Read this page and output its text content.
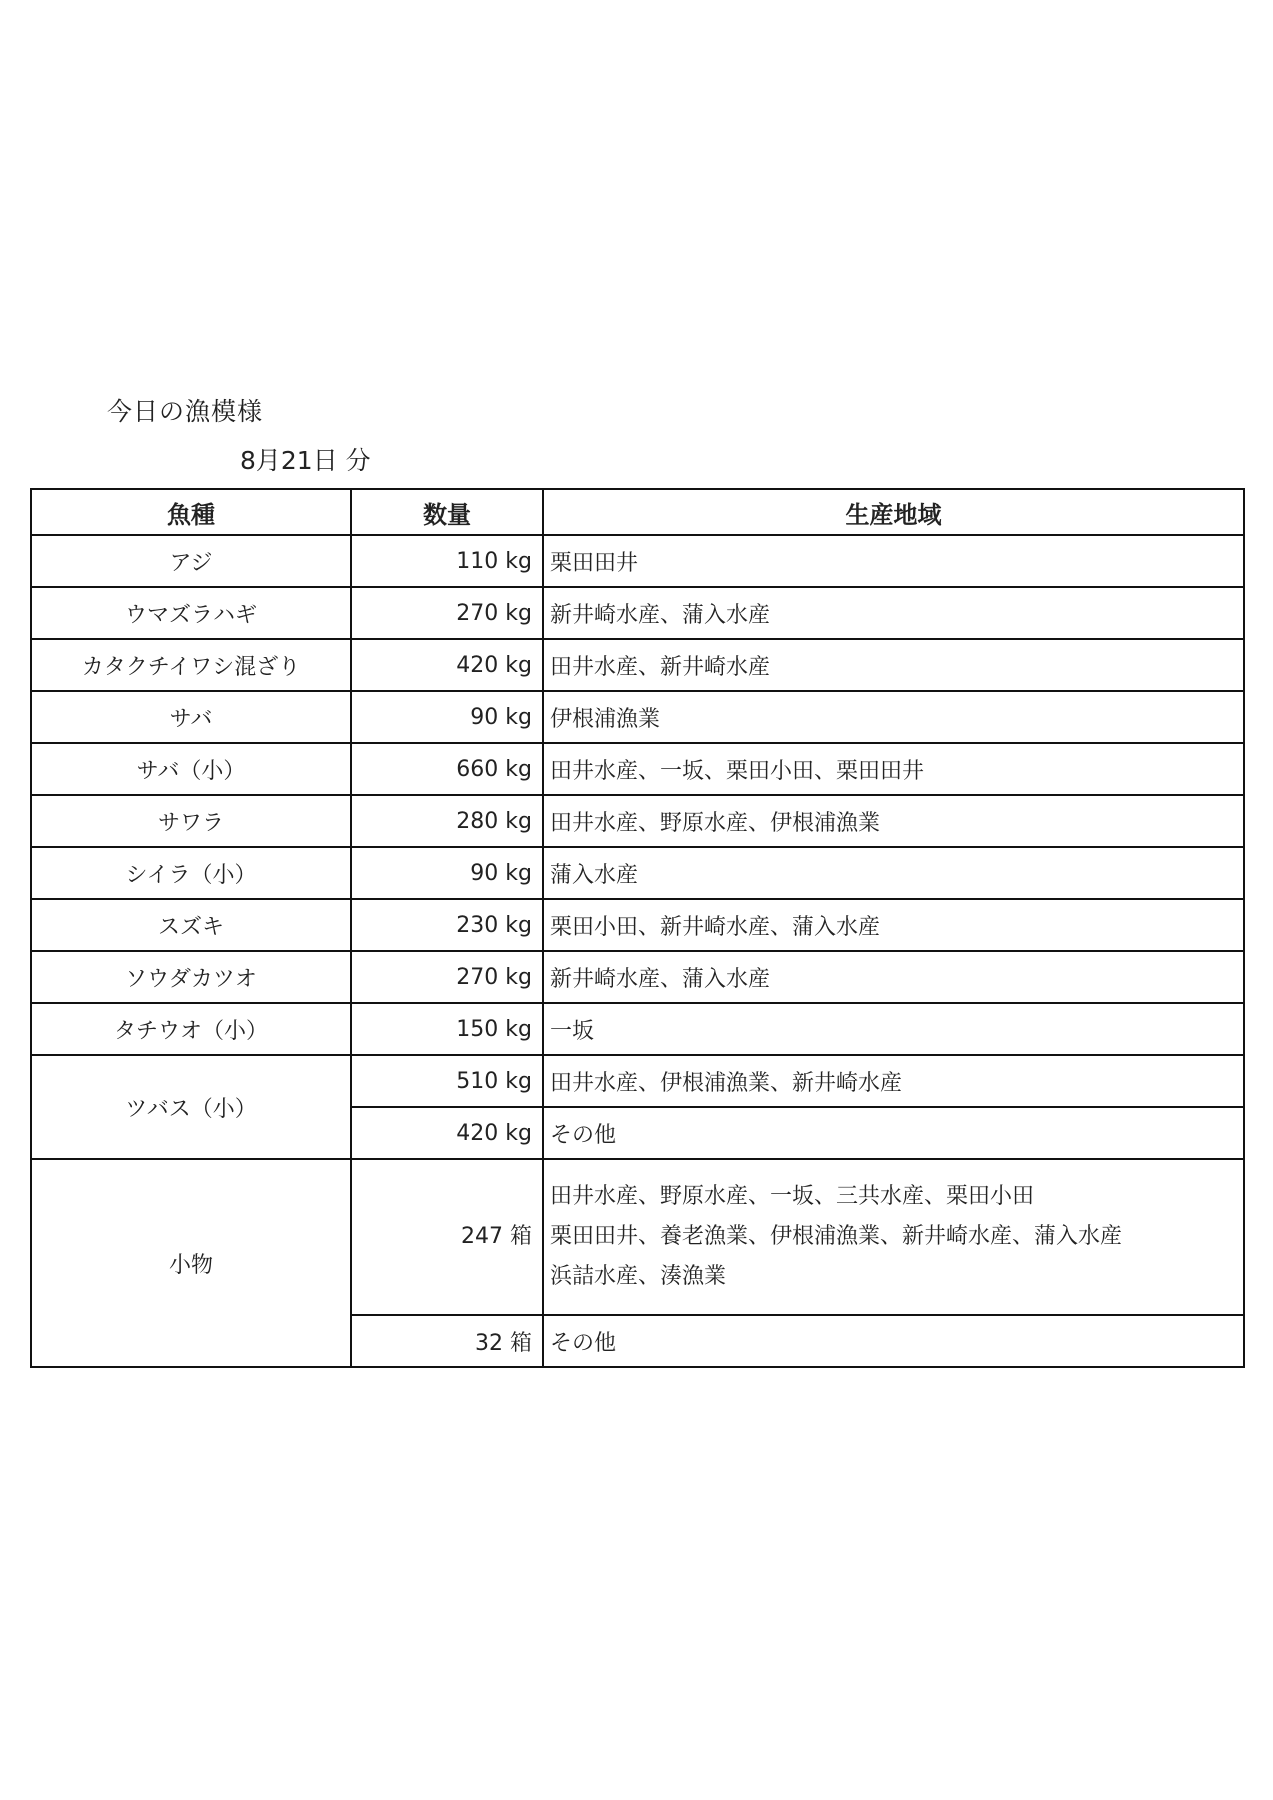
今日の漁模様
8月21日 分
魚種	数量	生産地域
アジ	110 kg	栗田田井
ウマズラハギ	270 kg	新井崎水産、蒲入水産
カタクチイワシ混ざり	420 kg	田井水産、新井崎水産
サバ	90 kg	伊根浦漁業
サバ（小）	660 kg	田井水産、一坂、栗田小田、栗田田井
サワラ	280 kg	田井水産、野原水産、伊根浦漁業
シイラ（小）	90 kg	蒲入水産
スズキ	230 kg	栗田小田、新井崎水産、蒲入水産
ソウダカツオ	270 kg	新井崎水産、蒲入水産
タチウオ（小）	150 kg	一坂
ツバス（小）	510 kg	田井水産、伊根浦漁業、新井崎水産
	420 kg	その他
小物	247 箱	田井水産、野原水産、一坂、三共水産、栗田小田
栗田田井、養老漁業、伊根浦漁業、新井崎水産、蒲入水産
浜詰水産、湊漁業

	32 箱	その他
